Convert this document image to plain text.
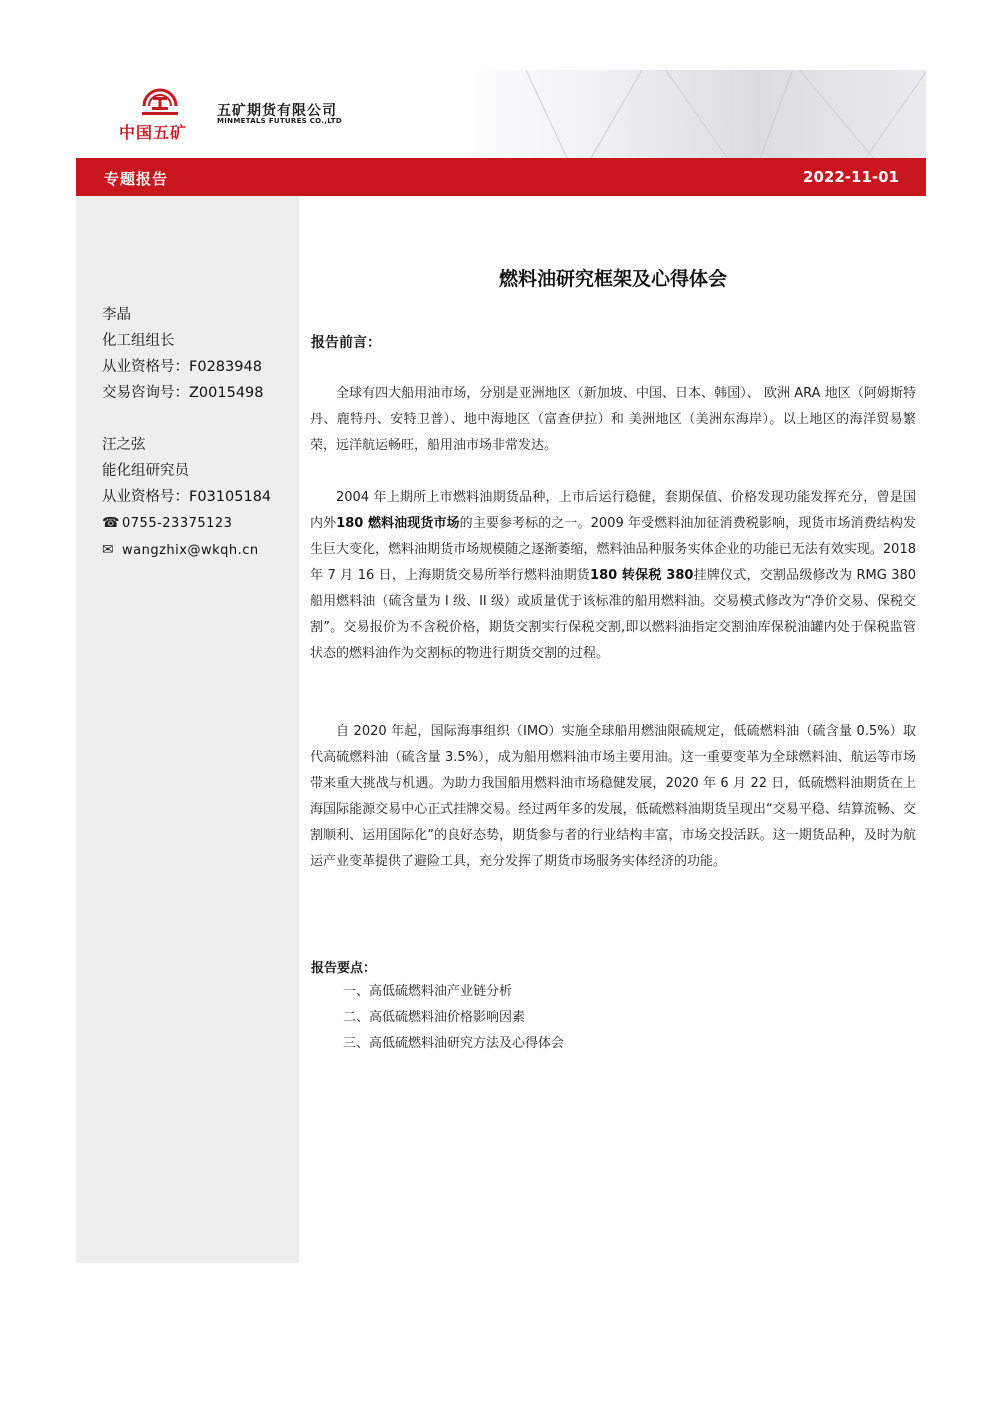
中国五矿
五矿期货有限公司
MINMETALS FUTURES CO.,LTD
专题报告	2022-11-01
李晶
化工组组长
从业资格号：F0283948
交易咨询号：Z0015498
汪之弦
能化组研究员
从业资格号：F03105184
☎ 0755-23375123
✉ wangzhix@wkqh.cn
燃料油研究框架及心得体会
报告前言：

全球有四大船用油市场，分别是亚洲地区（新加坡、中国、日本、韩国）、 欧洲 ARA 地区（阿姆斯特丹、鹿特丹、安特卫普）、地中海地区（富查伊拉）和 美洲地区（美洲东海岸）。以上地区的海洋贸易繁荣，远洋航运畅旺，船用油市场非常发达。

2004 年上期所上市燃料油期货品种，上市后运行稳健，套期保值、价格发现功能发挥充分，曾是国内外180 燃料油现货市场的主要参考标的之一。2009 年受燃料油加征消费税影响，现货市场消费结构发生巨大变化，燃料油期货市场规模随之逐渐萎缩，燃料油品种服务实体企业的功能已无法有效实现。2018 年 7 月 16 日，上海期货交易所举行燃料油期货180 转保税 380挂牌仪式，交割品级修改为 RMG 380 船用燃料油（硫含量为 I 级、II 级）或质量优于该标准的船用燃料油。交易模式修改为“净价交易、保税交割”。交易报价为不含税价格，期货交割实行保税交割,即以燃料油指定交割油库保税油罐内处于保税监管状态的燃料油作为交割标的物进行期货交割的过程。

自 2020 年起，国际海事组织（IMO）实施全球船用燃油限硫规定，低硫燃料油（硫含量 0.5%）取代高硫燃料油（硫含量 3.5%），成为船用燃料油市场主要用油。这一重要变革为全球燃料油、航运等市场带来重大挑战与机遇。为助力我国船用燃料油市场稳健发展，2020 年 6 月 22 日，低硫燃料油期货在上海国际能源交易中心正式挂牌交易。经过两年多的发展，低硫燃料油期货呈现出“交易平稳、结算流畅、交割顺利、运用国际化”的良好态势，期货参与者的行业结构丰富，市场交投活跃。这一期货品种，及时为航运产业变革提供了避险工具，充分发挥了期货市场服务实体经济的功能。

报告要点：
一、高低硫燃料油产业链分析
二、高低硫燃料油价格影响因素
三、高低硫燃料油研究方法及心得体会
